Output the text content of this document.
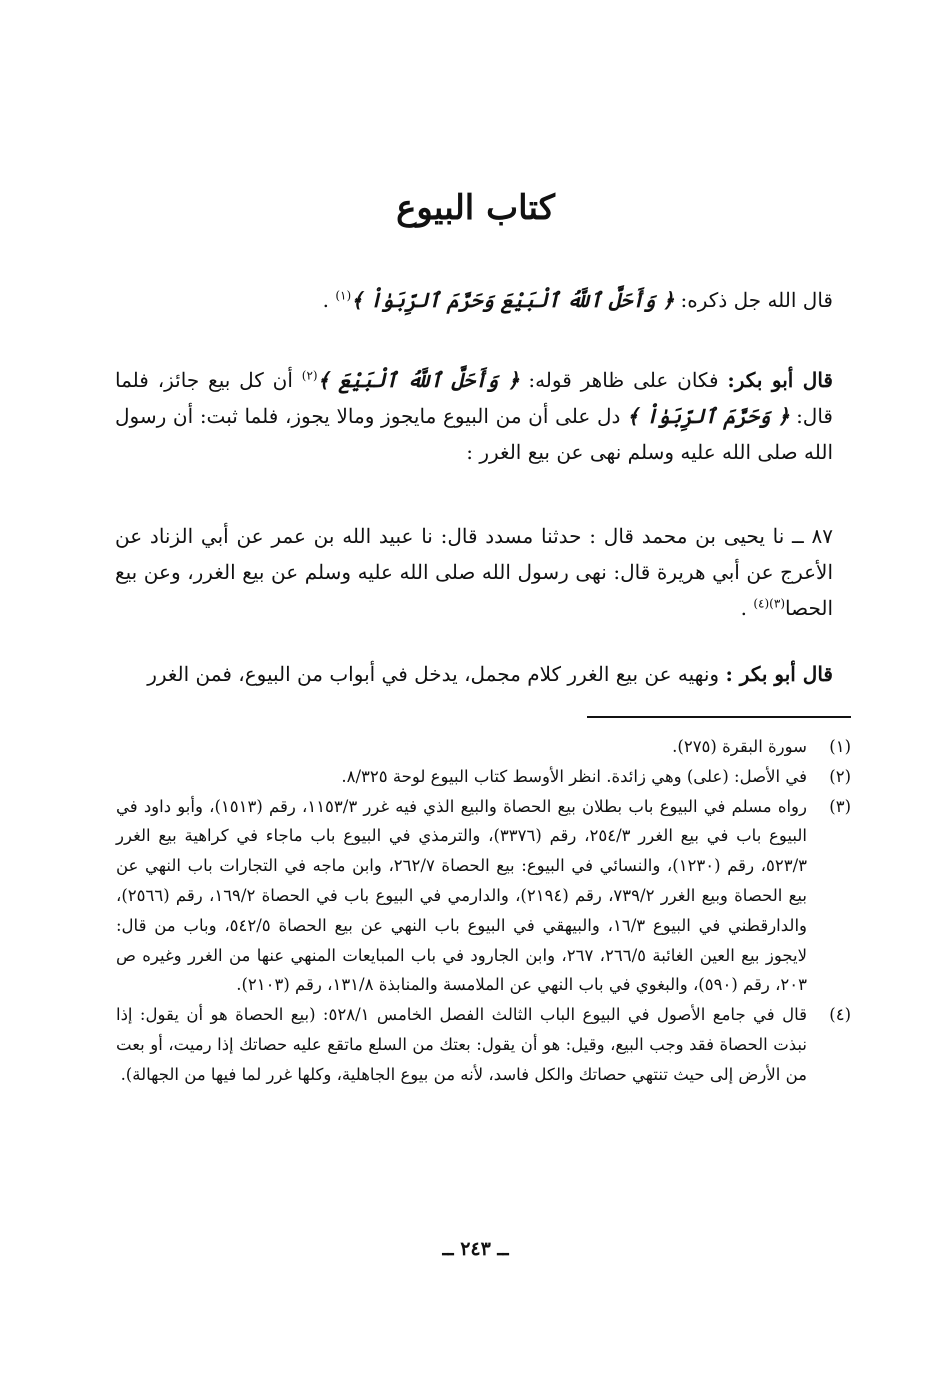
كتاب البيوع

قال الله جل ذكره: ﴿ وَأَحَلَّ ٱللَّهُ ٱلْبَيْعَ وَحَرَّمَ ٱلرِّبَوٰاْ ﴾$^{(١)}$ .

قال أبو بكر: فكان على ظاهر قوله: ﴿ وَأَحَلَّ ٱللَّهُ ٱلْبَيْعَ ﴾$^{(٢)}$ أن كل بيع جائز، فلما قال: ﴿ وَحَرَّمَ ٱلرِّبَوٰاْ ﴾ دل على أن من البيوع مايجوز ومالا يجوز، فلما ثبت: أن رسول الله صلى الله عليه وسلم نهى عن بيع الغرر :

٨٧ ــ نا يحيى بن محمد قال : حدثنا مسدد قال: نا عبيد الله بن عمر عن أبي الزناد عن الأعرج عن أبي هريرة قال: نهى رسول الله صلى الله عليه وسلم عن بيع الغرر، وعن بيع الحصا$^{(٣)(٤)}$ .

قال أبو بكر : ونهيه عن بيع الغرر كلام مجمل، يدخل في أبواب من البيوع، فمن الغرر

(١)
سورة البقرة (٢٧٥).
(٢)
في الأصل: (على) وهي زائدة. انظر الأوسط كتاب البيوع لوحة ٨/٣٢٥.
(٣)
رواه مسلم في البيوع باب بطلان بيع الحصاة والبيع الذي فيه غرر ١١٥٣/٣، رقم (١٥١٣)، وأبو داود في البيوع باب في بيع الغرر ٢٥٤/٣، رقم (٣٣٧٦)، والترمذي في البيوع باب ماجاء في كراهية بيع الغرر ٥٢٣/٣، رقم (١٢٣٠)، والنسائي في البيوع: بيع الحصاة ٢٦٢/٧، وابن ماجه في التجارات باب النهي عن بيع الحصاة وبيع الغرر ٧٣٩/٢، رقم (٢١٩٤)، والدارمي في البيوع باب في الحصاة ١٦٩/٢، رقم (٢٥٦٦)، والدارقطني في البيوع ١٦/٣، والبيهقي في البيوع باب النهي عن بيع الحصاة ٥٤٢/٥، وباب من قال: لايجوز بيع العين الغائبة ٢٦٦/٥، ٢٦٧، وابن الجارود في باب المبايعات المنهي عنها من الغرر وغيره ص ٢٠٣، رقم (٥٩٠)، والبغوي في باب النهي عن الملامسة والمنابذة ١٣١/٨، رقم (٢١٠٣).
(٤)
قال في جامع الأصول في البيوع الباب الثالث الفصل الخامس ٥٢٨/١: (بيع الحصاة هو أن يقول: إذا نبذت الحصاة فقد وجب البيع، وقيل: هو أن يقول: بعتك من السلع ماتقع عليه حصاتك إذا رميت، أو بعت من الأرض إلى حيث تنتهي حصاتك والكل فاسد، لأنه من بيوع الجاهلية، وكلها غرر لما فيها من الجهالة).
ــ ٢٤٣ ــ
